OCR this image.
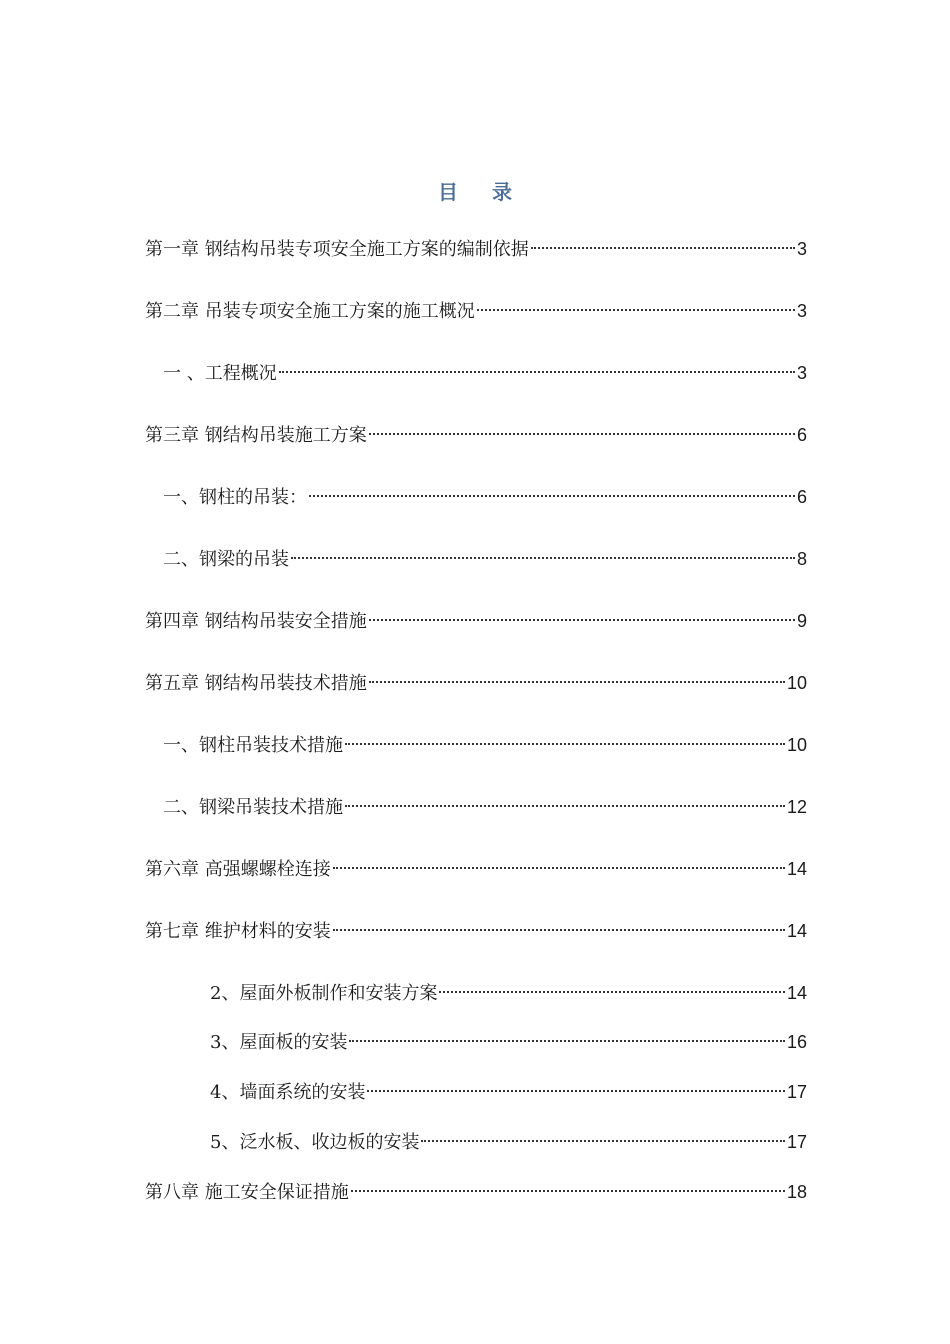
目录
第一章 钢结构吊装专项安全施工方案的编制依据	3
第二章 吊装专项安全施工方案的施工概况	3
一 、工程概况	3
第三章 钢结构吊装施工方案	6
一、钢柱的吊装：	6
二、钢梁的吊装	8
第四章 钢结构吊装安全措施	9
第五章 钢结构吊装技术措施	10
一、钢柱吊装技术措施	10
二、钢梁吊装技术措施	12
第六章 高强螺螺栓连接	14
第七章 维护材料的安装	14
2、屋面外板制作和安装方案	14
3、屋面板的安装	16
4、墙面系统的安装	17
5、泛水板、收边板的安装	17
第八章 施工安全保证措施	18
